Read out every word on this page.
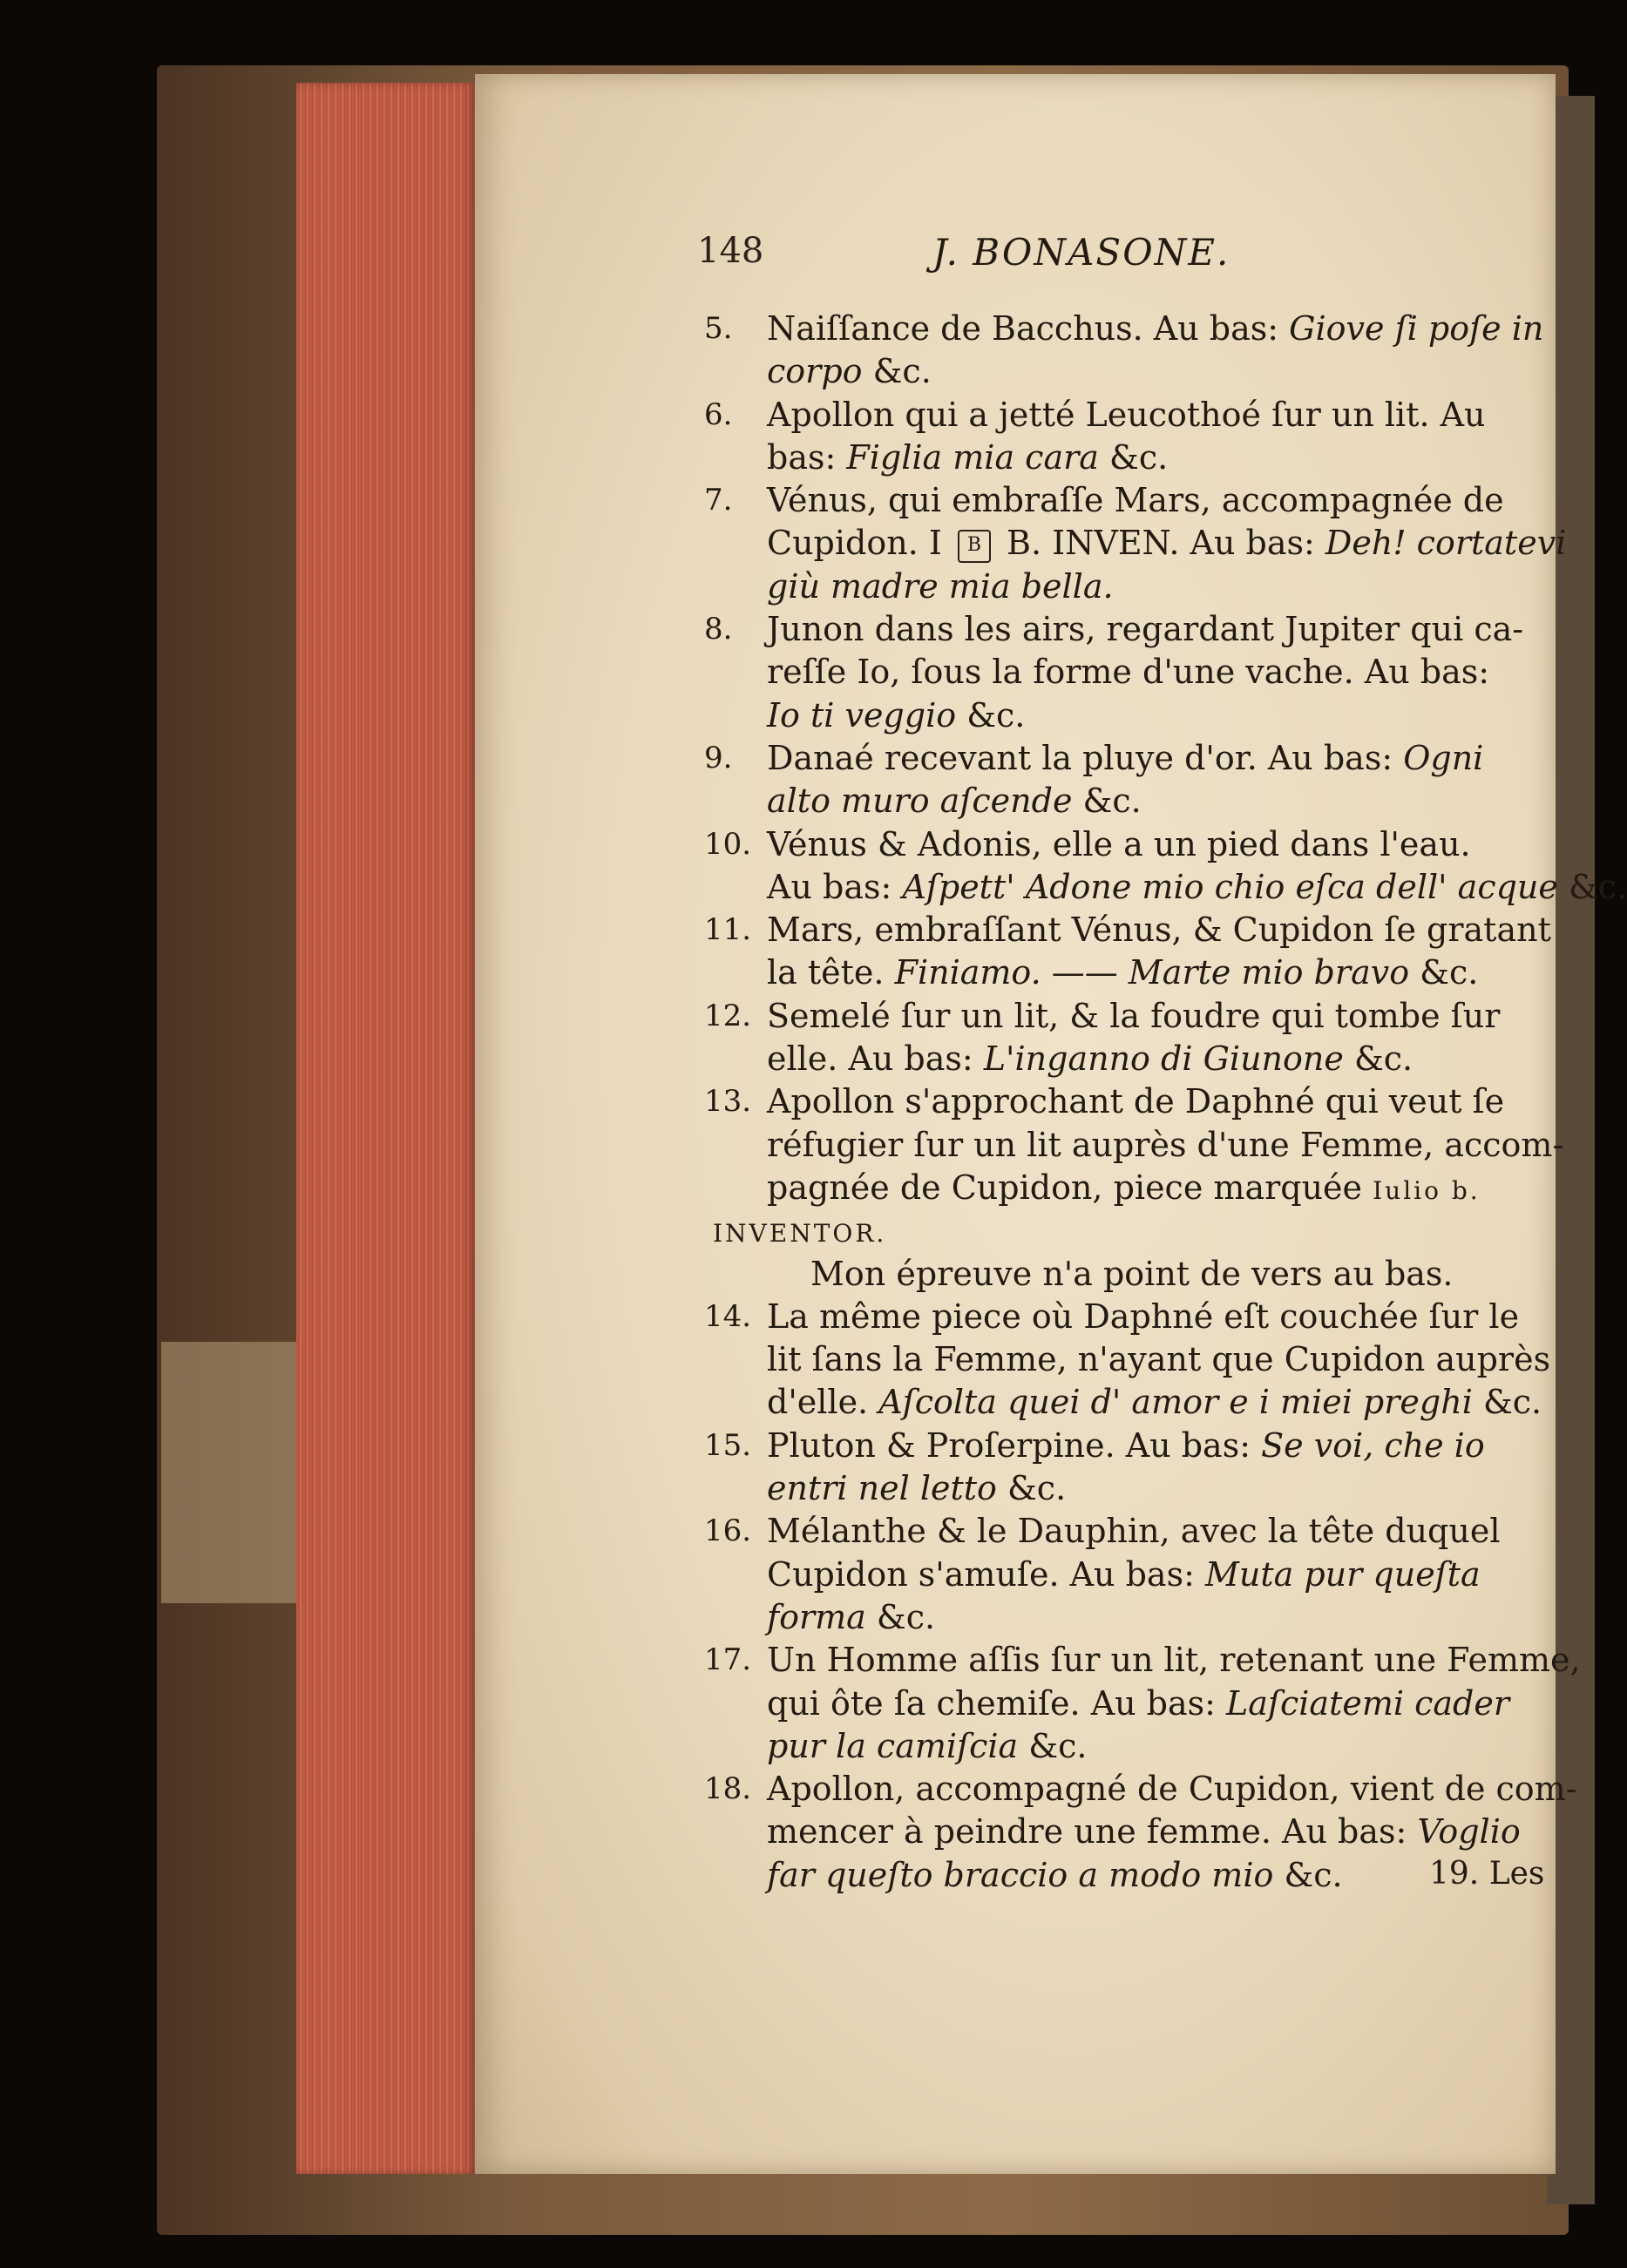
148	J. BONASONE.
5. Naiſſance de Bacchus. Au bas: Giove ſi poſe in
corpo &c.
6. Apollon qui a jetté Leucothoé ſur un lit. Au
bas: Figlia mia cara &c.
7. Vénus, qui embraſſe Mars, accompagnée de
Cupidon. I B B. INVEN. Au bas: Deh! cortatevi
giù madre mia bella.
8. Junon dans les airs, regardant Jupiter qui ca-
reſſe Io, ſous la forme d'une vache. Au bas:
Io ti veggio &c.
9. Danaé recevant la pluye d'or. Au bas: Ogni
alto muro aſcende &c.
10. Vénus & Adonis, elle a un pied dans l'eau.
Au bas: Aſpett' Adone mio chio eſca dell' acque &c.
11. Mars, embraſſant Vénus, & Cupidon ſe gratant
la tête. Finiamo. —— Marte mio bravo &c.
12. Semelé ſur un lit, & la foudre qui tombe ſur
elle. Au bas: L'inganno di Giunone &c.
13. Apollon s'approchant de Daphné qui veut ſe
réfugier ſur un lit auprès d'une Femme, accom-
pagnée de Cupidon, piece marquée Iulio b.
INVENTOR.
Mon épreuve n'a point de vers au bas.
14. La même piece où Daphné eſt couchée ſur le
lit ſans la Femme, n'ayant que Cupidon auprès
d'elle. Aſcolta quei d' amor e i miei preghi &c.
15. Pluton & Proſerpine. Au bas: Se voi, che io
entri nel letto &c.
16. Mélanthe & le Dauphin, avec la tête duquel
Cupidon s'amuſe. Au bas: Muta pur queſta
forma &c.
17. Un Homme aſſis ſur un lit, retenant une Femme,
qui ôte ſa chemiſe. Au bas: Laſciatemi cader
pur la camiſcia &c.
18. Apollon, accompagné de Cupidon, vient de com-
mencer à peindre une femme. Au bas: Voglio
far queſto braccio a modo mio &c.	19. Les
